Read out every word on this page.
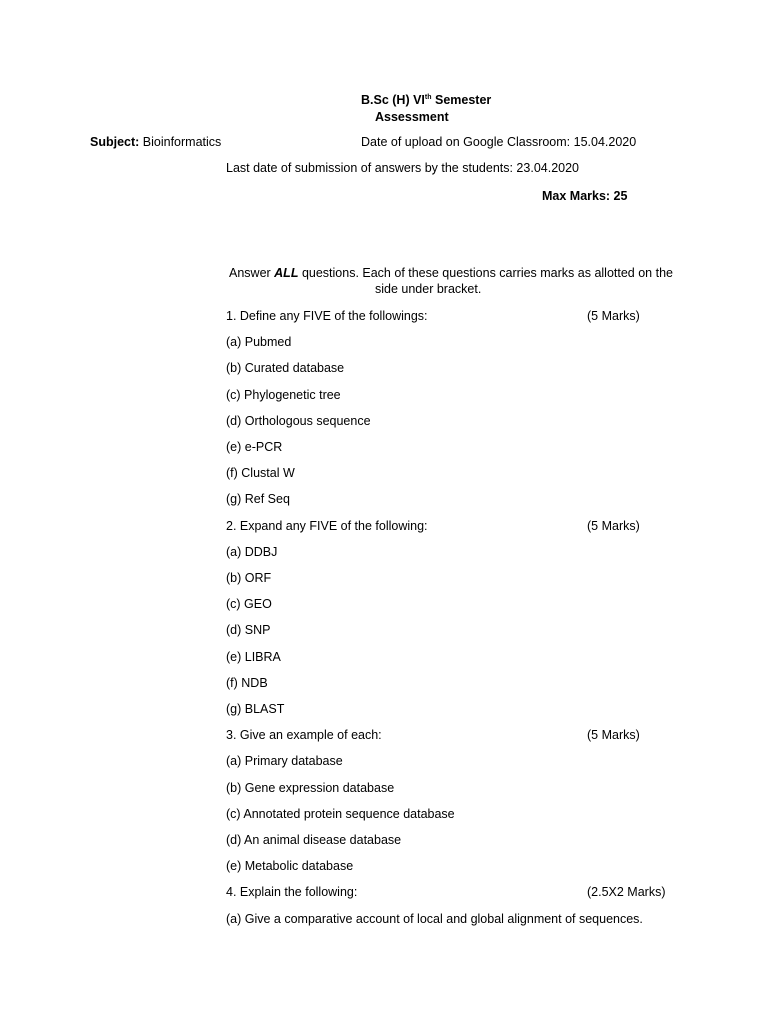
B.Sc (H) VIth Semester
Assessment
Subject: Bioinformatics	Date of upload on Google Classroom: 15.04.2020
Last date of submission of answers by the students: 23.04.2020
Max Marks: 25
Answer ALL questions. Each of these questions carries marks as allotted on the
side under bracket.
1. Define any FIVE of the followings:	(5 Marks)
(a) Pubmed
(b) Curated database
(c) Phylogenetic tree
(d) Orthologous sequence
(e) e-PCR
(f) Clustal W
(g) Ref Seq
2. Expand any FIVE of the following:	(5 Marks)
(a) DDBJ
(b) ORF
(c) GEO
(d) SNP
(e) LIBRA
(f) NDB
(g) BLAST
3. Give an example of each:	(5 Marks)
(a) Primary database
(b) Gene expression database
(c) Annotated protein sequence database
(d) An animal disease database
(e) Metabolic database
4. Explain the following:	(2.5X2 Marks)
(a) Give a comparative account of local and global alignment of sequences.
